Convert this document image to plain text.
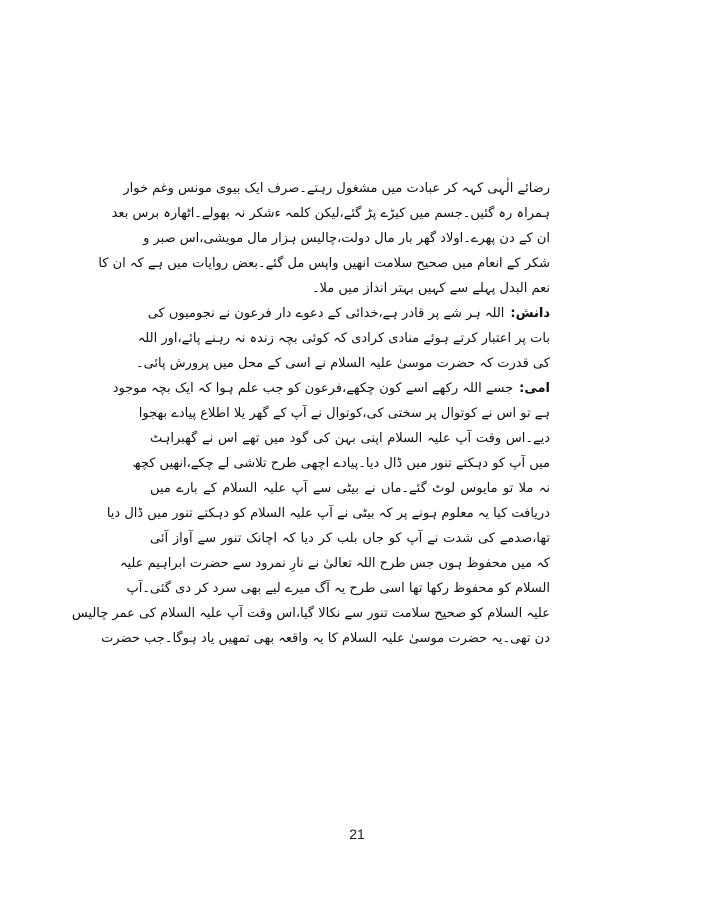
رضائے الٰہی کہہ کر عبادت میں مشغول رہتے۔صرف ایک بیوی مونس وغم خوار
ہمراہ رہ گئیں۔جسم میں کیڑے پڑ گئے،لیکن کلمہ ءشکر نہ بھولے۔اٹھارہ برس بعد
ان کے دن پھرے۔اولاد گھر بار مال دولت،چالیس ہزار مال مویشی،اس صبر و
شکر کے انعام میں صحیح سلامت انھیں واپس مل گئے۔بعض روایات میں ہے کہ ان کا
نعم البدل پہلے سے کہیں بہتر انداز میں ملا۔
دانش:اللہ ہر شے پر قادر ہے،خدائی کے دعوے دار فرعون نے نجومیوں کی
بات پر اعتبار کرتے ہوئے منادی کرادی کہ کوئی بچہ زندہ نہ رہنے پائے،اور اللہ
کی قدرت کہ حضرت موسیٰ علیہ السلام نے اسی کے محل میں پرورش پائی۔
امی:جسے اللہ رکھے اسے کون چکھے،فرعون کو جب علم ہوا کہ ایک بچہ موجود
ہے تو اس نے کوتوال پر سختی کی،کوتوال نے آپ کے گھر یلا اطلاع پیادے بھجوا
دیے۔اس وقت آپ علیہ السلام اپنی بہن کی گود میں تھے اس نے گھبراہٹ
میں آپ کو دہکتے تنور میں ڈال دیا۔پیادے اچھی طرح تلاشی لے چکے،انھیں کچھ
نہ ملا تو مایوس لوٹ گئے۔ماں نے بیٹی سے آپ علیہ السلام کے بارے میں
دریافت کیا یہ معلوم ہونے پر کہ بیٹی نے آپ علیہ السلام کو دہکتے تنور میں ڈال دیا
تھا،صدمے کی شدت نے آپ کو جاں بلب کر دیا کہ اچانک تنور سے آواز آئی
کہ میں محفوظ ہوں جس طرح اللہ تعالیٰ نے نارِ نمرود سے حضرت ابراہیم علیہ
السلام کو محفوظ رکھا تھا اسی طرح یہ آگ میرے لیے بھی سرد کر دی گئی۔آپ
علیہ السلام کو صحیح سلامت تنور سے نکالا گیا،اس وقت آپ علیہ السلام کی عمر چالیس
دن تھی۔یہ حضرت موسیٰ علیہ السلام کا یہ واقعہ بھی تمھیں یاد ہوگا۔جب حضرت
21
